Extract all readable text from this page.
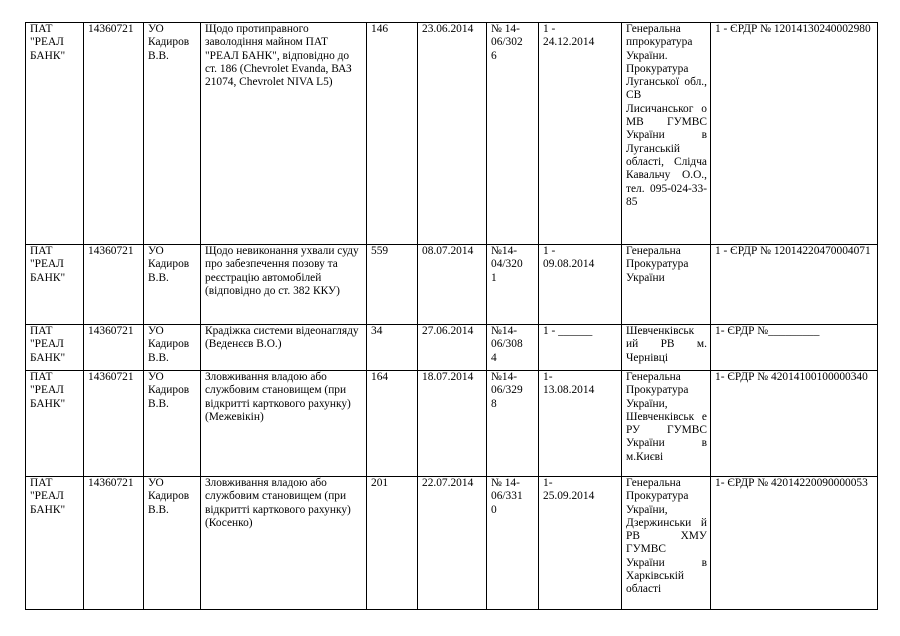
ПАТ "РЕАЛ БАНК"	14360721	УО Кадиров В.В.	Щодо протиправного заволодіння майном ПАТ "РЕАЛ БАНК", відповідно до ст. 186 (Chevrolet Evanda, ВАЗ 21074, Chevrolet NIVA L5)	146	23.06.2014	№ 14-
06/302
6	1 -
24.12.2014	Генеральна ппрокуратура України. Прокуратура Луганської обл., СВ Лисичанськог о МВ ГУМВС України в Луганській області, Слідча Кавальчу О.О., тел. 095-024-33-85	1 - ЄРДР № 12014130240002980
ПАТ "РЕАЛ БАНК"	14360721	УО Кадиров В.В.	Щодо невиконання ухвали суду про забезпечення позову та реєстрацію автомобілей (відповідно до ст. 382 ККУ)	559	08.07.2014	№14-
04/320
1	1 -
09.08.2014	Генеральна Прокуратура України	1 - ЄРДР № 12014220470004071
ПАТ "РЕАЛ БАНК"	14360721	УО Кадиров В.В.	Крадіжка системи відеонагляду (Веденєєв В.О.)	34	27.06.2014	№14-
06/308
4	1 - ______	Шевченківськ ий РВ м. Чернівці	1- ЄРДР №_________
ПАТ "РЕАЛ БАНК"	14360721	УО Кадиров В.В.	Зловживання владою або службовим становищем (при відкритті карткового рахунку)(Межевікін)	164	18.07.2014	№14-
06/329
8	1-
13.08.2014	Генеральна Прокуратура України, Шевченківськ е РУ ГУМВС України в м.Києві	1- ЄРДР № 42014100100000340
ПАТ "РЕАЛ БАНК"	14360721	УО Кадиров В.В.	Зловживання владою або службовим становищем (при відкритті карткового рахунку)(Косенко)	201	22.07.2014	№ 14-
06/331
0	1-
25.09.2014	Генеральна Прокуратура України, Дзержинськи й РВ ХМУ ГУМВС України в Харківській області	1- ЄРДР № 42014220090000053
